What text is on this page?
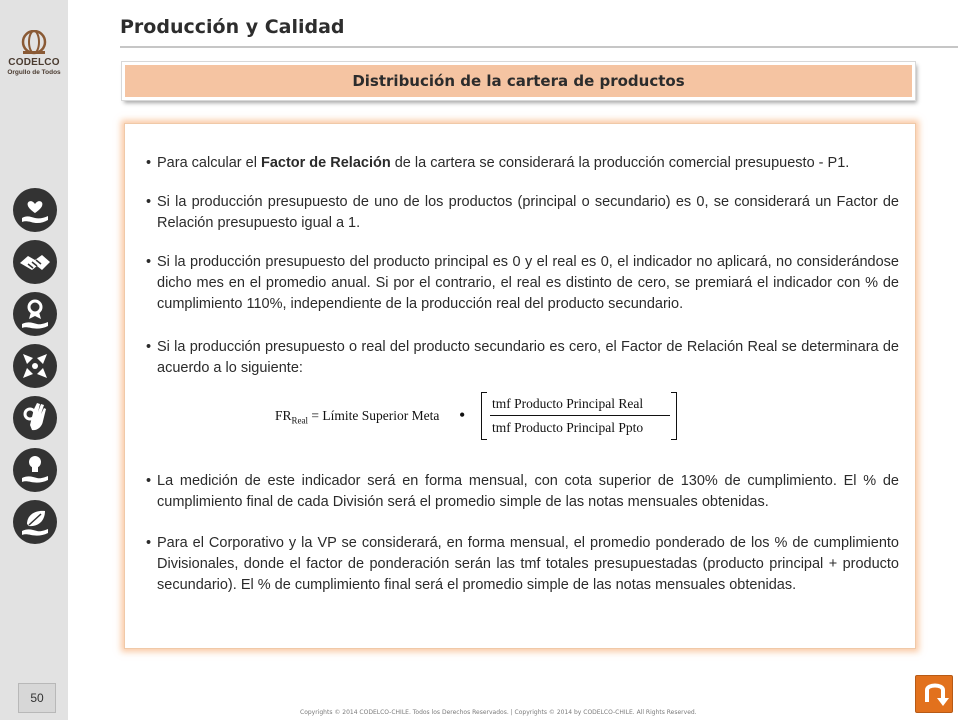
CODELCO
Orgullo de Todos
50
Producción y Calidad
Distribución de la cartera de productos
• Para calcular el Factor de Relación de la cartera se considerará la producción comercial presupuesto - P1.
• Si la producción presupuesto de uno de los productos (principal o secundario) es 0, se considerará un Factor de Relación presupuesto igual a 1.
• Si la producción presupuesto del producto principal es 0 y el real es 0, el indicador no aplicará, no considerándose dicho mes en el promedio anual. Si por el contrario, el real es distinto de cero, se premiará el indicador con % de cumplimiento 110%, independiente de la producción real del producto secundario.
• Si la producción presupuesto o real del producto secundario es cero, el Factor de Relación Real se determinara de acuerdo a lo siguiente:
$FR_{Real}$ = Límite Superior Meta •
tmf Producto Principal Real
tmf Producto Principal Ppto
• La medición de este indicador será en forma mensual, con cota superior de 130% de cumplimiento. El % de cumplimiento final de cada División será el promedio simple de las notas mensuales obtenidas.
• Para el Corporativo y la VP se considerará, en forma mensual, el promedio ponderado de los % de cumplimiento Divisionales, donde el factor de ponderación serán las tmf totales presupuestadas (producto principal + producto secundario). El % de cumplimiento final será el promedio simple de las notas mensuales obtenidas.
Copyrights © 2014 CODELCO-CHILE. Todos los Derechos Reservados. | Copyrights © 2014 by CODELCO-CHILE. All Rights Reserved.
